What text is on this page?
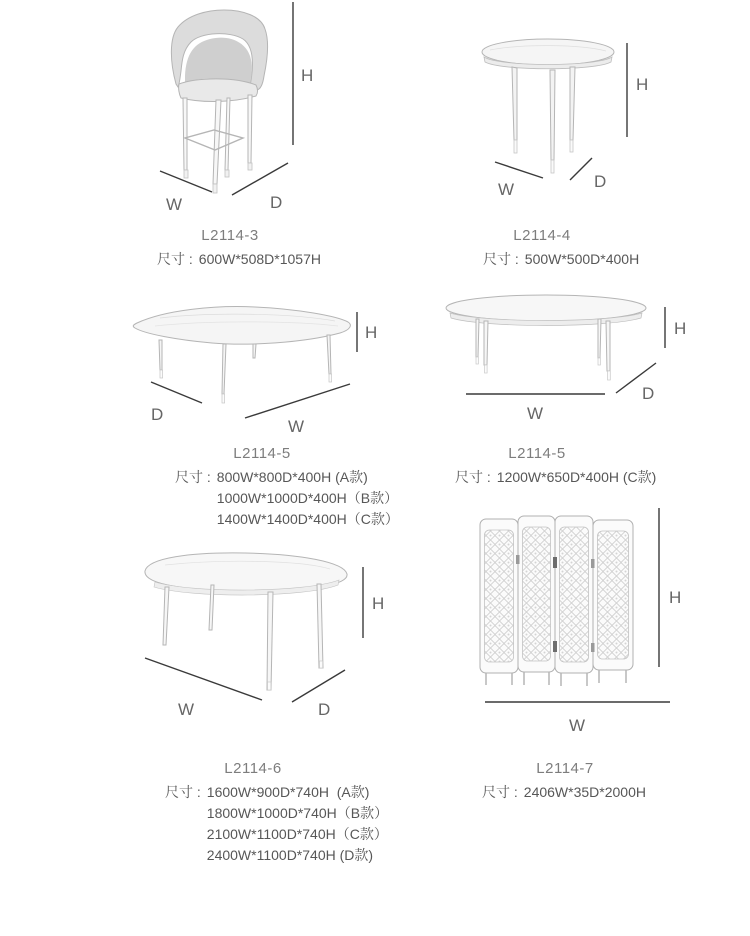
H
W	D
L2114-3
尺寸 : 600W*508D*1057H
H
W	D
L2114-4
尺寸 : 500W*500D*400H
H
D
W
L2114-5
尺寸 : 800W*800D*400H (A款)
1000W*1000D*400H（B款）
1400W*1400D*400H（C款）
H
W
D
L2114-5
尺寸 : 1200W*650D*400H (C款)
W	D
H
L2114-6
尺寸 : 1600W*900D*740H  (A款)
1800W*1000D*740H（B款）
2100W*1100D*740H（C款）
2400W*1100D*740H (D款)
H
W
L2114-7
尺寸 : 2406W*35D*2000H
